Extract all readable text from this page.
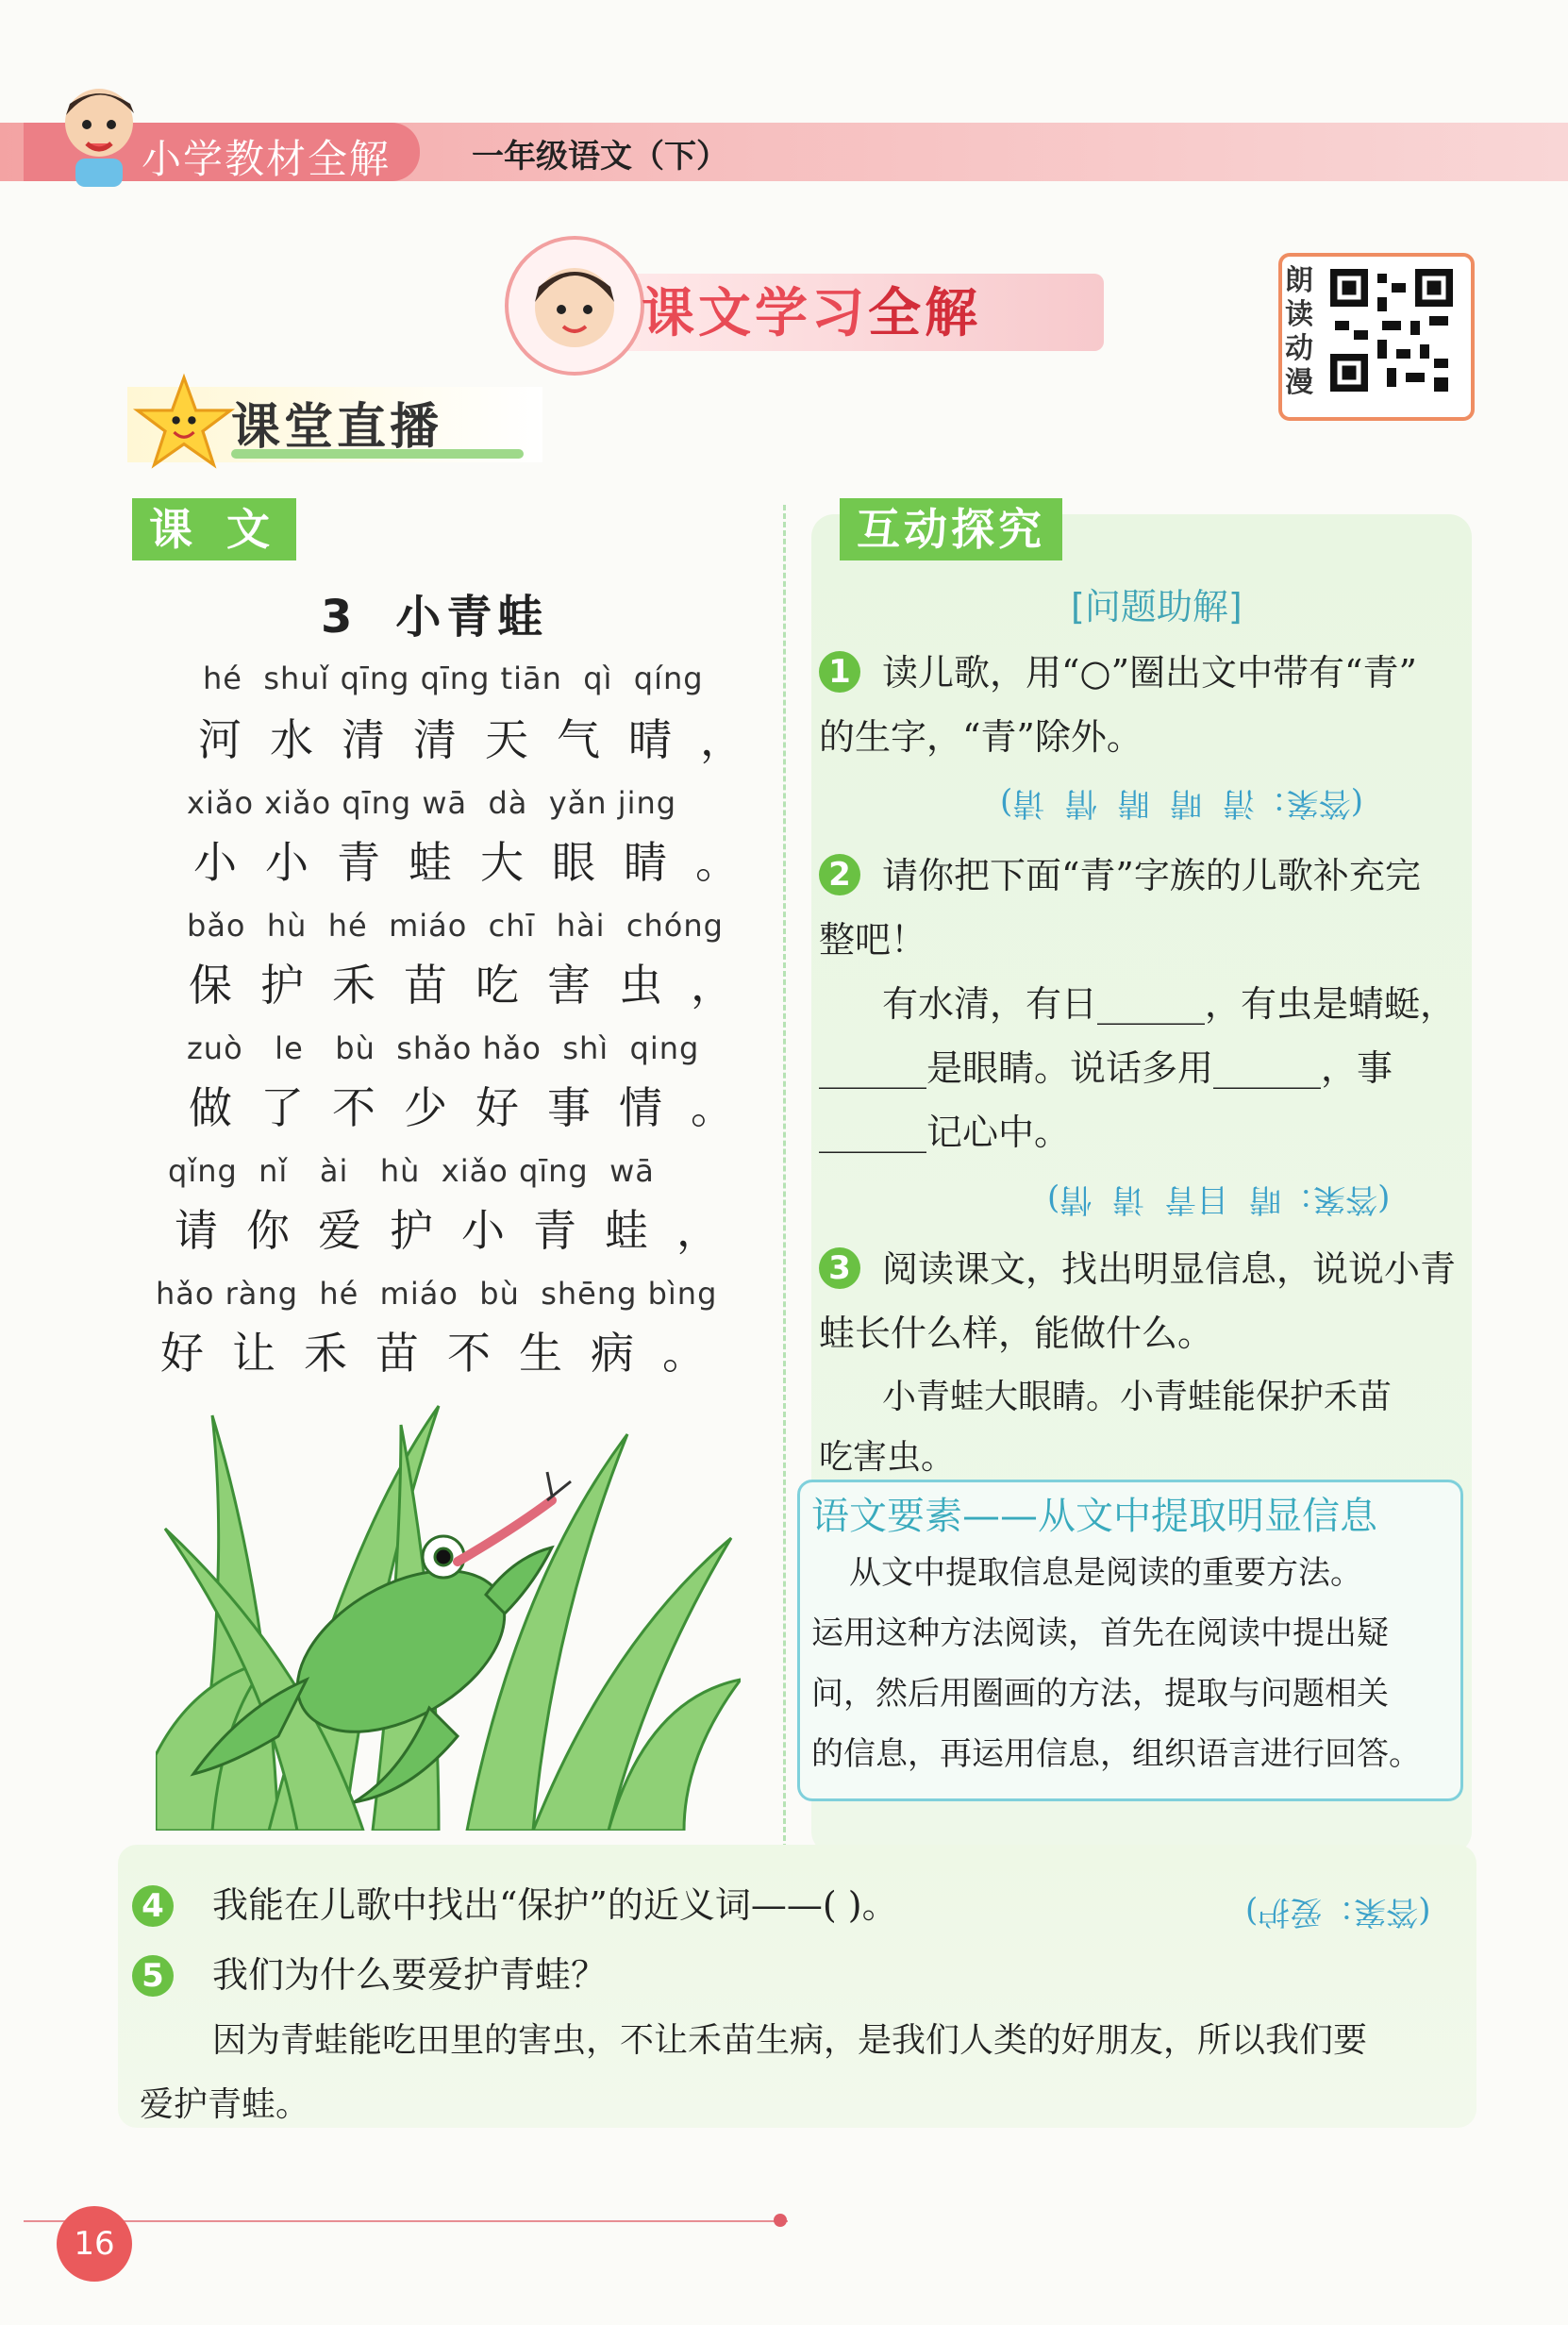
小学教材全解	一年级语文（下）
课文学习全解
朗读动漫
课堂直播
课 文
3 小青蛙
hé  shuǐ qīng qīng tiān  qì  qíng
河水清清天气晴，
xiǎo xiǎo qīng wā  dà  yǎn jing
小小青蛙大眼睛。
bǎo  hù  hé  miáo  chī  hài  chóng
保护禾苗吃害虫，
zuò   le   bù  shǎo hǎo  shì  qing
做了不少好事情。
qǐng  nǐ   ài   hù  xiǎo qīng  wā
请你爱护小青蛙，
hǎo ràng  hé  miáo  bù  shēng bìng
好让禾苗不生病。
互动探究
[问题助解]
1 读儿歌，用“○”圈出文中带有“青”
的生字，“青”除外。
(答案：清  晴  睛  情  请)
2 请你把下面“青”字族的儿歌补充完
整吧！
有水清，有日______，有虫是蜻蜓，
______是眼睛。说话多用______，事
______记心中。
(答案：晴  目青  请  情)
3 阅读课文，找出明显信息，说说小青
蛙长什么样，能做什么。
小青蛙大眼睛。小青蛙能保护禾苗
吃害虫。
语文要素——从文中提取明显信息
从文中提取信息是阅读的重要方法。
运用这种方法阅读，首先在阅读中提出疑
问，然后用圈画的方法，提取与问题相关
的信息，再运用信息，组织语言进行回答。
4 我能在儿歌中找出“保护”的近义词——( )。	(答案：爱护)
5 我们为什么要爱护青蛙？
因为青蛙能吃田里的害虫，不让禾苗生病，是我们人类的好朋友，所以我们要
爱护青蛙。
16
